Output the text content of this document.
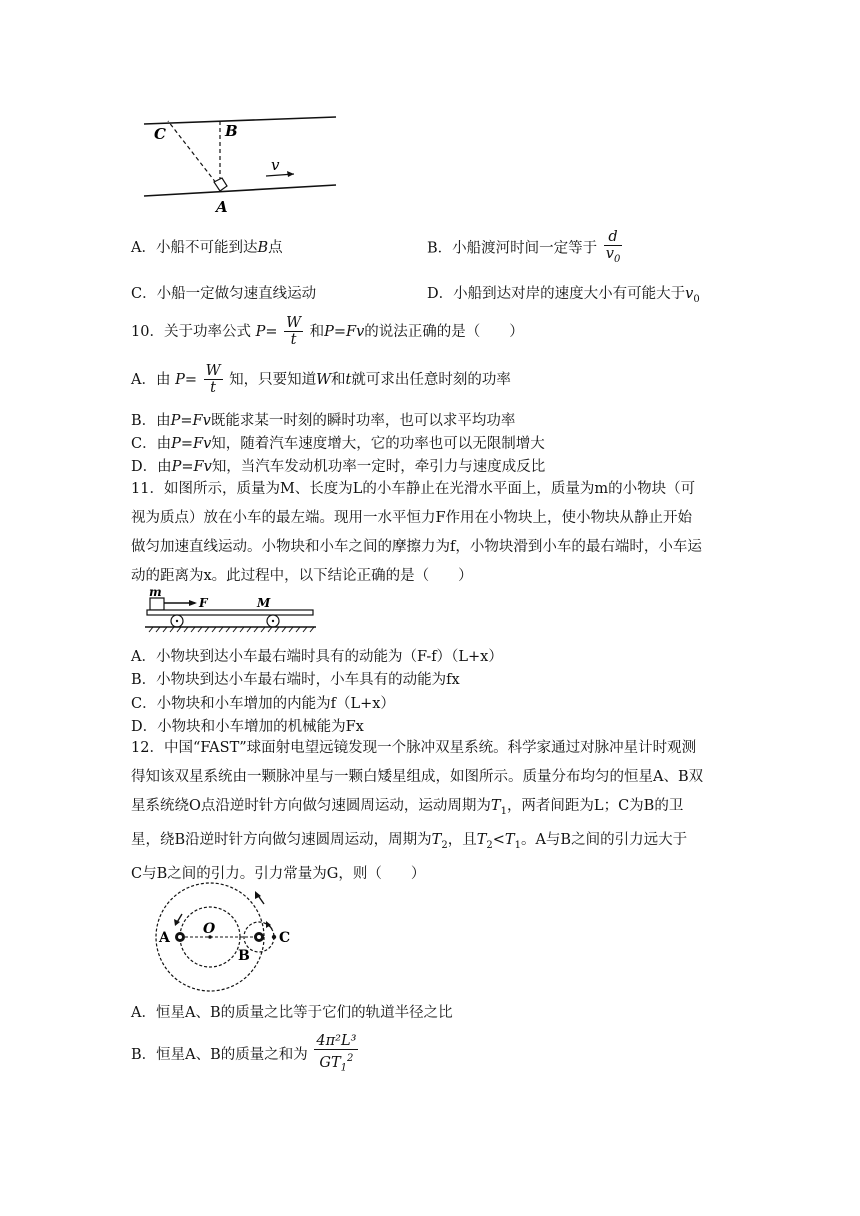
C	B
A
v
A．小船不可能到达B点	B．小船渡河时间一定等于 $\frac{d}{v_0}$
C．小船一定做匀速直线运动	D．小船到达对岸的速度大小有可能大于$v_0$
10．关于功率公式 $P= \frac{W}{t}$ 和P=Fv的说法正确的是（　　）
A．由 $P= \frac{W}{t}$ 知，只要知道W和t就可求出任意时刻的功率
B．由P=Fv既能求某一时刻的瞬时功率，也可以求平均功率
C．由P=Fv知，随着汽车速度增大，它的功率也可以无限制增大
D．由P=Fv知，当汽车发动机功率一定时，牵引力与速度成反比
11．如图所示，质量为M、长度为L的小车静止在光滑水平面上，质量为m的小物块（可
视为质点）放在小车的最左端。现用一水平恒力F作用在小物块上，使小物块从静止开始
做匀加速直线运动。小物块和小车之间的摩擦力为f，小物块滑到小车的最右端时，小车运
动的距离为x。此过程中，以下结论正确的是（　　）
m
F	M
A．小物块到达小车最右端时具有的动能为（F-f）（L+x）
B．小物块到达小车最右端时，小车具有的动能为fx
C．小物块和小车增加的内能为f（L+x）
D．小物块和小车增加的机械能为Fx
12．中国“FAST”球面射电望远镜发现一个脉冲双星系统。科学家通过对脉冲星计时观测
得知该双星系统由一颗脉冲星与一颗白矮星组成，如图所示。质量分布均匀的恒星A、B双
星系统绕O点沿逆时针方向做匀速圆周运动，运动周期为$T_1$，两者间距为L；C为B的卫
星，绕B沿逆时针方向做匀速圆周运动，周期为$T_2$，且$T_2<T_1$。A与B之间的引力远大于
C与B之间的引力。引力常量为G，则（　　）
A
O
B
C
A．恒星A、B的质量之比等于它们的轨道半径之比
B．恒星A、B的质量之和为 $\frac{\text{4π²L³}}{GT_1^2}$
